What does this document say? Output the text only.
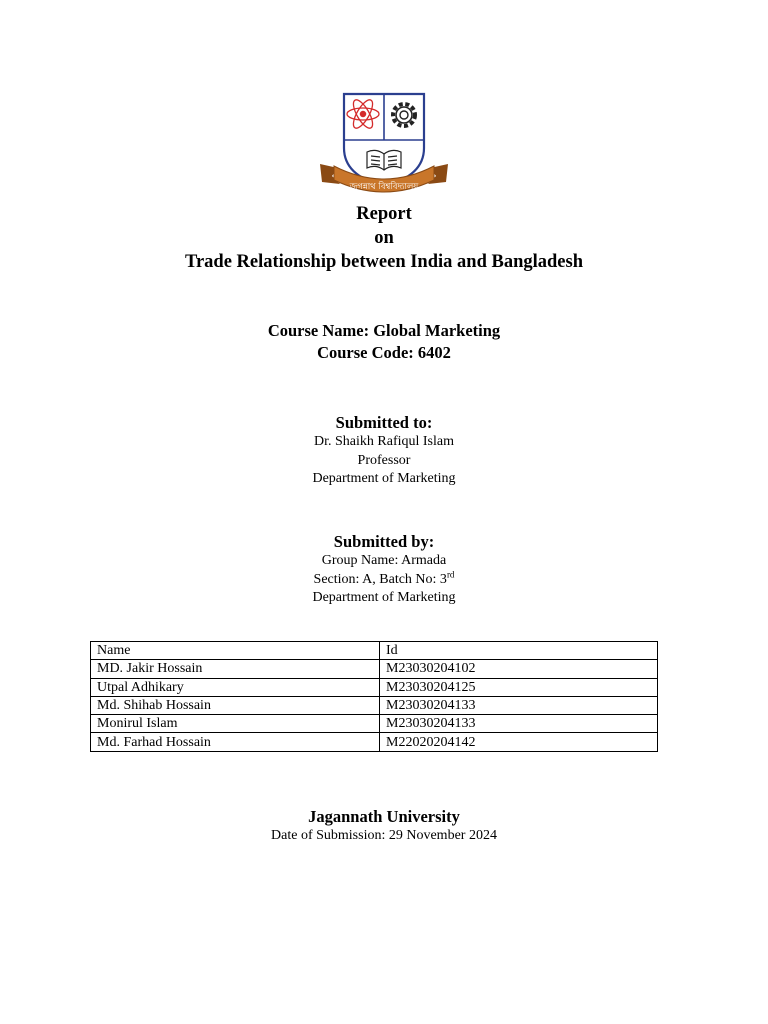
জগন্নাথ বিশ্ববিদ্যালয়
Report
on
Trade Relationship between India and Bangladesh
Course Name: Global Marketing
Course Code: 6402
Submitted to:
Dr. Shaikh Rafiqul Islam
Professor
Department of Marketing
Submitted by:
Group Name: Armada
Section: A, Batch No: 3rd
Department of Marketing
Name	Id
MD. Jakir Hossain	M23030204102
Utpal Adhikary	M23030204125
Md. Shihab Hossain	M23030204133
Monirul Islam	M23030204133
Md. Farhad Hossain	M22020204142
Jagannath University
Date of Submission: 29 November 2024
